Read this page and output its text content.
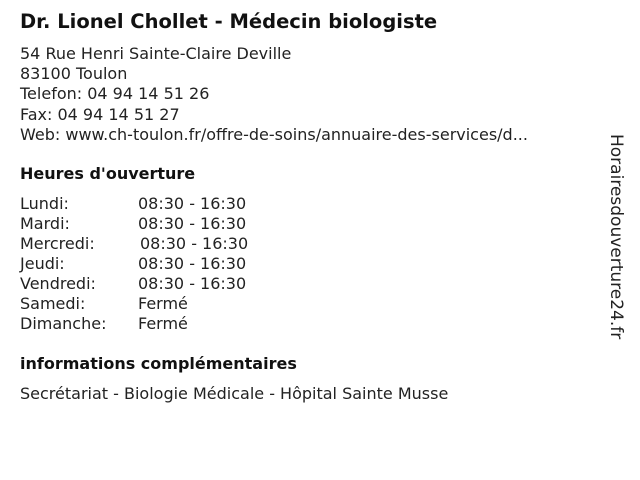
Dr. Lionel Chollet - Médecin biologiste
54 Rue Henri Sainte-Claire Deville
83100 Toulon
Telefon: 04 94 14 51 26
Fax: 04 94 14 51 27
Web: www.ch-toulon.fr/offre-de-soins/annuaire-des-services/d...
Heures d'ouverture
Lundi:	08:30 - 16:30
Mardi:	08:30 - 16:30
Mercredi:	08:30 - 16:30
Jeudi:	08:30 - 16:30
Vendredi:	08:30 - 16:30
Samedi:	Fermé
Dimanche: Fermé
informations complémentaires
Secrétariat - Biologie Médicale - Hôpital Sainte Musse
Horairesdouverture24.fr
